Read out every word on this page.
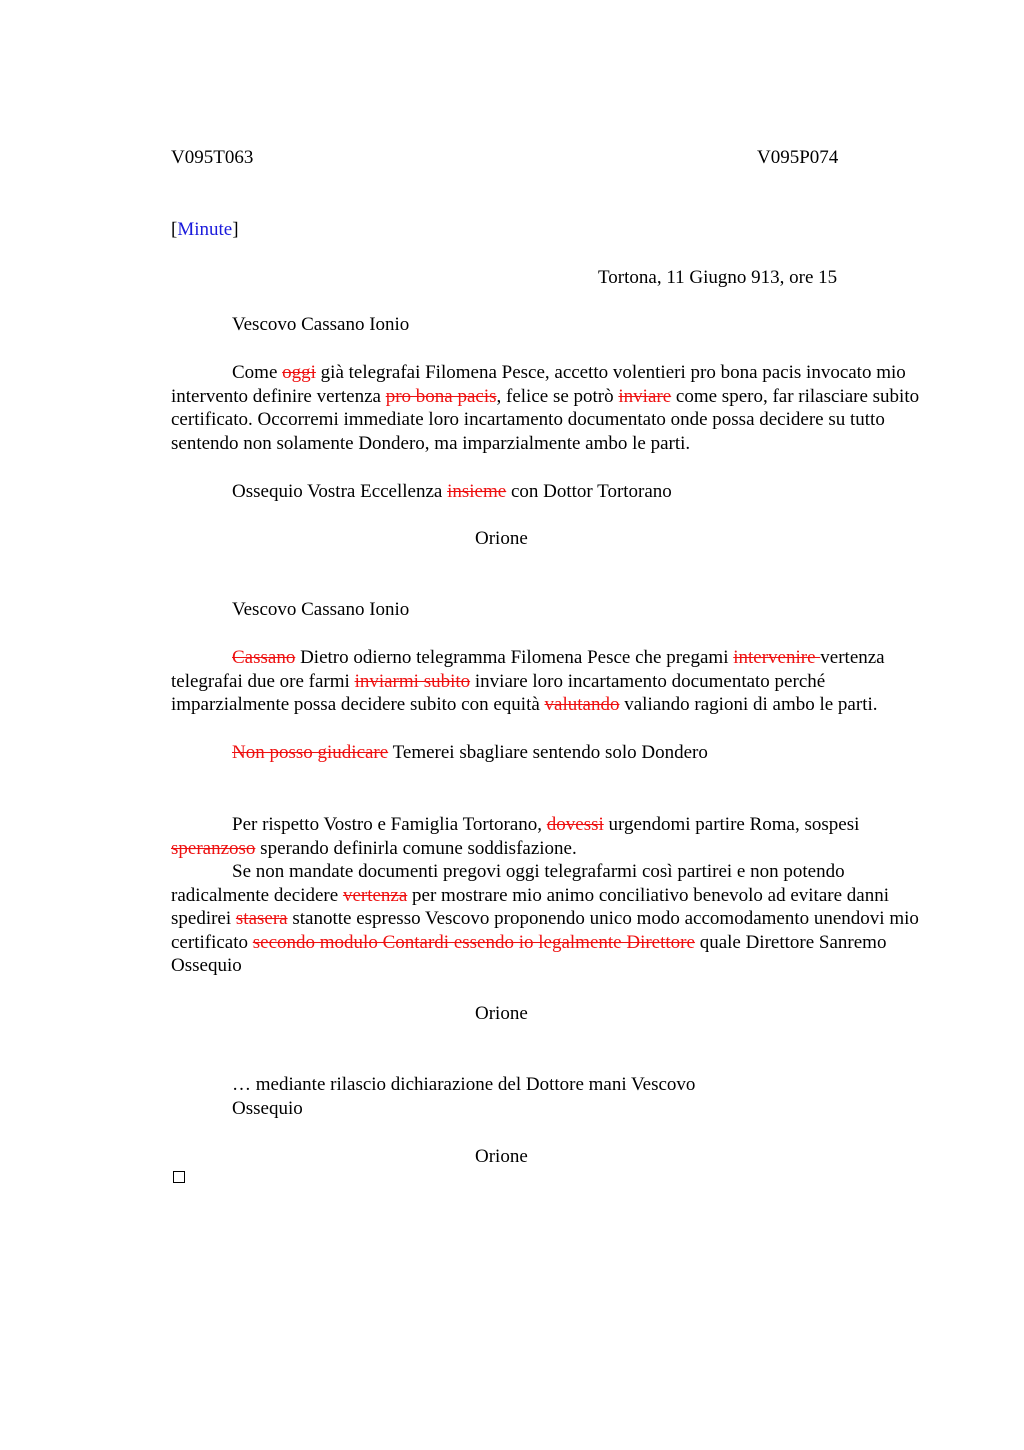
V095T063	V095P074
[Minute]
Tortona, 11 Giugno 913, ore 15
Vescovo Cassano Ionio

Come oggi già telegrafai Filomena Pesce, accetto volentieri pro bona pacis invocato mio intervento definire vertenza pro bona pacis, felice se potrò inviare come spero, far rilasciare subito certificato. Occorremi immediate loro incartamento documentato onde possa decidere su tutto sentendo non solamente Dondero, ma imparzialmente ambo le parti.

Ossequio Vostra Eccellenza insieme con Dottor Tortorano

Orione
Vescovo Cassano Ionio

Cassano Dietro odierno telegramma Filomena Pesce che pregami intervenire vertenza telegrafai due ore farmi inviarmi subito inviare loro incartamento documentato perché imparzialmente possa decidere subito con equità valutando valiando ragioni di ambo le parti.

Non posso giudicare Temerei sbagliare sentendo solo Dondero

Per rispetto Vostro e Famiglia Tortorano, dovessi urgendomi partire Roma, sospesi speranzoso sperando definirla comune soddisfazione.

Se non mandate documenti pregovi oggi telegrafarmi così partirei e non potendo radicalmente decidere vertenza per mostrare mio animo conciliativo benevolo ad evitare danni spedirei stasera stanotte espresso Vescovo proponendo unico modo accomodamento unendovi mio certificato secondo modulo Contardi essendo io legalmente Direttore quale Direttore Sanremo Ossequio

Orione
… mediante rilascio dichiarazione del Dottore mani Vescovo
Ossequio
Orione
